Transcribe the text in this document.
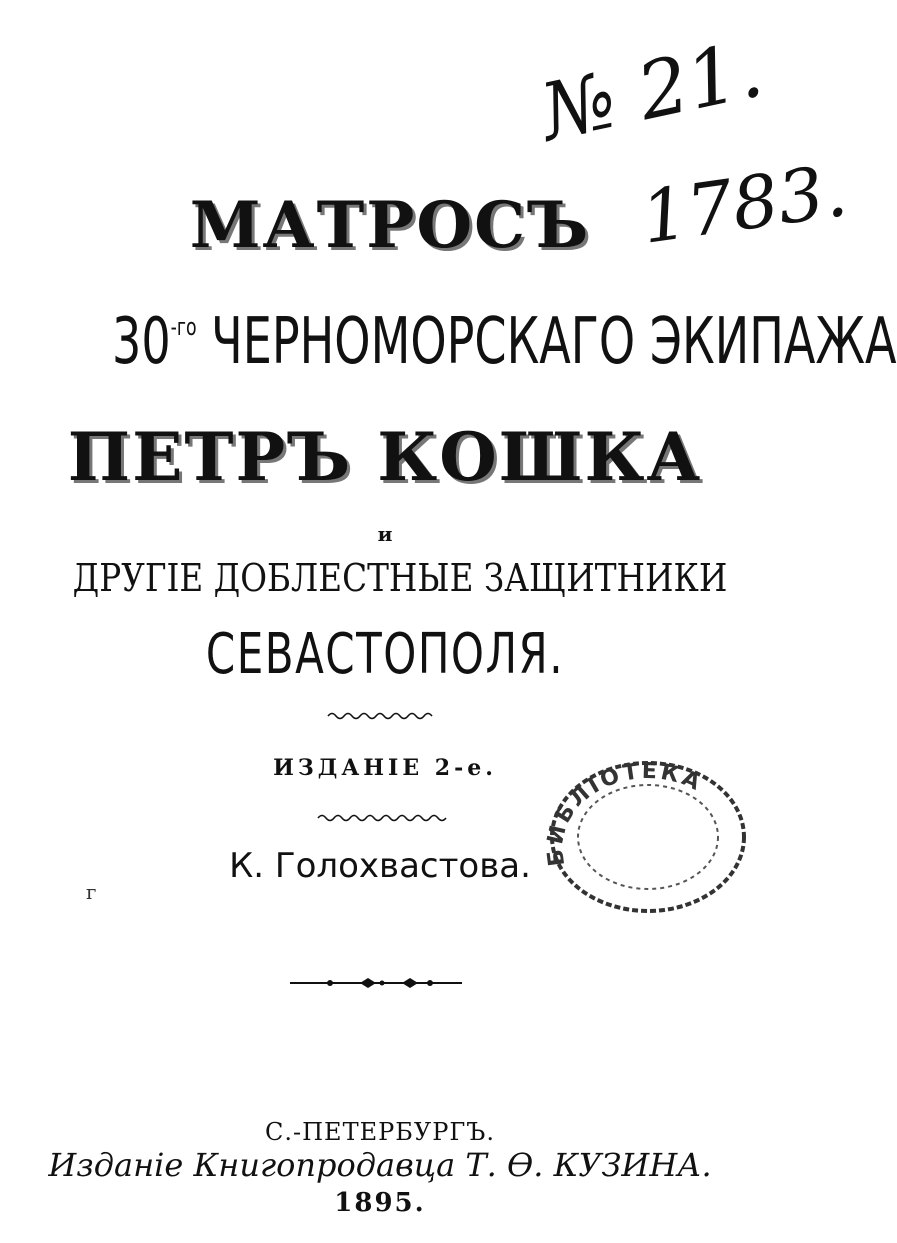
№ 21.
1783.
МАТРОСЪ
$30^{-го}$ ЧЕРНОМОРСКАГО ЭКИПАЖА
ПЕТРЪ КОШКА
и
ДРУГІЕ ДОБЛЕСТНЫЕ ЗАЩИТНИКИ
СЕВАСТОПОЛЯ.
ИЗДАНІЕ 2-е.
К. Голохвастова. БИБЛІОТЕКА
г
С.-ПЕТЕРБУРГЪ.
Изданіе Книгопродавца Т. Ѳ. КУЗИНА.
1895.
